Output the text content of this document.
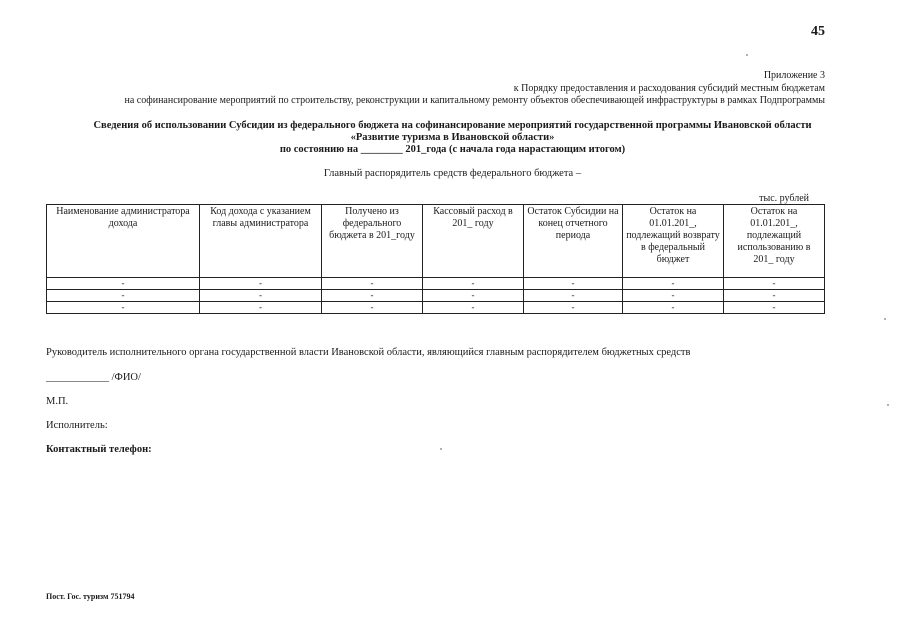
45
Приложение 3
к Порядку предоставления и расходования субсидий местным бюджетам
на софинансирование мероприятий по строительству, реконструкции и капитальному ремонту объектов обеспечивающей инфраструктуры в рамках Подпрограммы
Сведения об использовании Субсидии из федерального бюджета на софинансирование мероприятий государственной программы Ивановской области
«Развитие туризма в Ивановской области»
по состоянию на ________ 201_года (с начала года нарастающим итогом)
Главный распорядитель средств федерального бюджета –
тыс. рублей
Наименование администратора дохода	Код дохода с указанием главы администратора	Получено из федерального бюджета в 201_году	Кассовый расход в 201_ году	Остаток Субсидии на конец отчетного периода	Остаток на 01.01.201_, подлежащий возврату в федеральный бюджет	Остаток на 01.01.201_, подлежащий использованию в 201_ году
-	-	-	-	-	-	-
-	-	-	-	-	-	-
-	-	-	-	-	-	-
Руководитель исполнительного органа государственной власти Ивановской области, являющийся главным распорядителем бюджетных средств
____________ /ФИО/
М.П.
Исполнитель:
Контактный телефон:
Пост. Гос. туризм 751794
